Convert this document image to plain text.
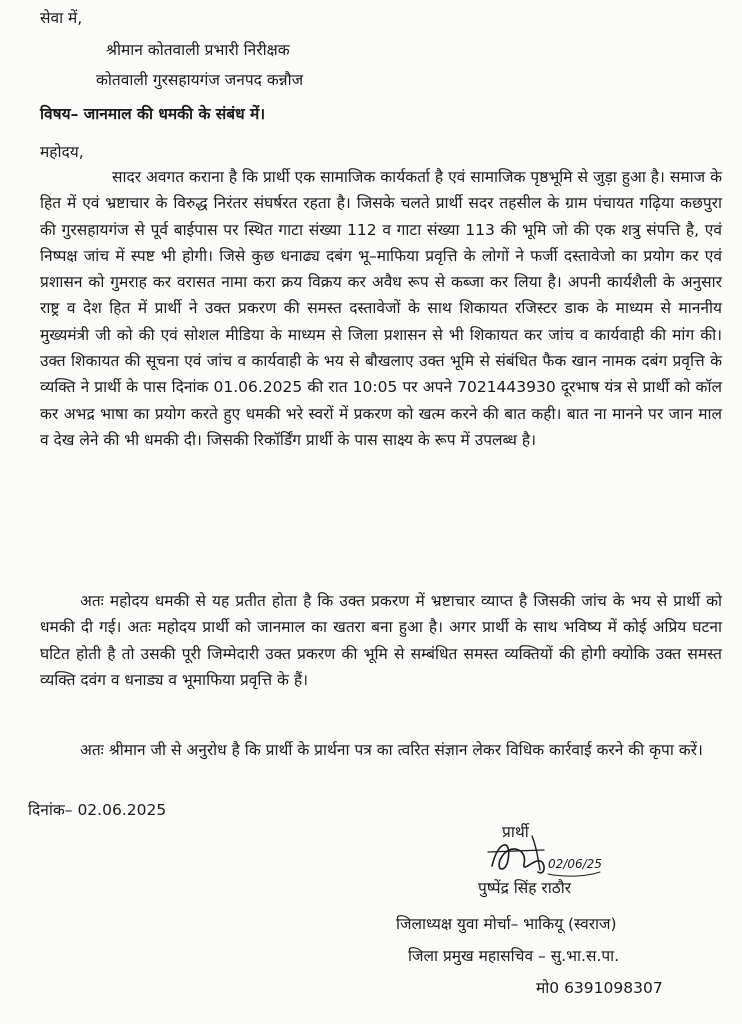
सेवा में,
श्रीमान कोतवाली प्रभारी निरीक्षक
कोतवाली गुरसहायगंज जनपद कन्नौज
विषय– जानमाल की धमकी के संबंध में।
महोदय,
सादर अवगत कराना है कि प्रार्थी एक सामाजिक कार्यकर्ता है एवं सामाजिक पृष्ठभूमि से जुड़ा हुआ है। समाज के हित में एवं भ्रष्टाचार के विरुद्ध निरंतर संघर्षरत रहता है। जिसके चलते प्रार्थी सदर तहसील के ग्राम पंचायत गढ़िया कछपुरा की गुरसहायगंज से पूर्व बाईपास पर स्थित गाटा संख्या 112 व गाटा संख्या 113 की भूमि जो की एक शत्रु संपत्ति है, एवं निष्पक्ष जांच में स्पष्ट भी होगी। जिसे कुछ धनाढ्य दबंग भू–माफिया प्रवृत्ति के लोगों ने फर्जी दस्तावेजो का प्रयोग कर एवं प्रशासन को गुमराह कर वरासत नामा करा क्रय विक्रय कर अवैध रूप से कब्जा कर लिया है। अपनी कार्यशैली के अनुसार राष्ट्र व देश हित में प्रार्थी ने उक्त प्रकरण की समस्त दस्तावेजों के साथ शिकायत रजिस्टर डाक के माध्यम से माननीय मुख्यमंत्री जी को की एवं सोशल मीडिया के माध्यम से जिला प्रशासन से भी शिकायत कर जांच व कार्यवाही की मांग की। उक्त शिकायत की सूचना एवं जांच व कार्यवाही के भय से बौखलाए उक्त भूमि से संबंधित फैक खान नामक दबंग प्रवृत्ति के व्यक्ति ने प्रार्थी के पास दिनांक 01.06.2025 की रात 10:05 पर अपने 7021443930 दूरभाष यंत्र से प्रार्थी को कॉल कर अभद्र भाषा का प्रयोग करते हुए धमकी भरे स्वरों में प्रकरण को खत्म करने की बात कही। बात ना मानने पर जान माल व देख लेने की भी धमकी दी। जिसकी रिकॉर्डिंग प्रार्थी के पास साक्ष्य के रूप में उपलब्ध है।
अतः महोदय धमकी से यह प्रतीत होता है कि उक्त प्रकरण में भ्रष्टाचार व्याप्त है जिसकी जांच के भय से प्रार्थी को धमकी दी गई। अतः महोदय प्रार्थी को जानमाल का खतरा बना हुआ है। अगर प्रार्थी के साथ भविष्य में कोई अप्रिय घटना घटित होती है तो उसकी पूरी जिम्मेदारी उक्त प्रकरण की भूमि से सम्बंधित समस्त व्यक्तियों की होगी क्योकि उक्त समस्त व्यक्ति दवंग व धनाड्य व भूमाफिया प्रवृत्ति के हैं।
अतः श्रीमान जी से अनुरोध है कि प्रार्थी के प्रार्थना पत्र का त्वरित संज्ञान लेकर विधिक कार्रवाई करने की कृपा करें।
दिनांक– 02.06.2025
प्रार्थी
02/06/25
पुष्पेंद्र सिंह राठौर
जिलाध्यक्ष युवा मोर्चा– भाकियू (स्वराज)
जिला प्रमुख महासचिव – सु.भा.स.पा.
मो0 6391098307
